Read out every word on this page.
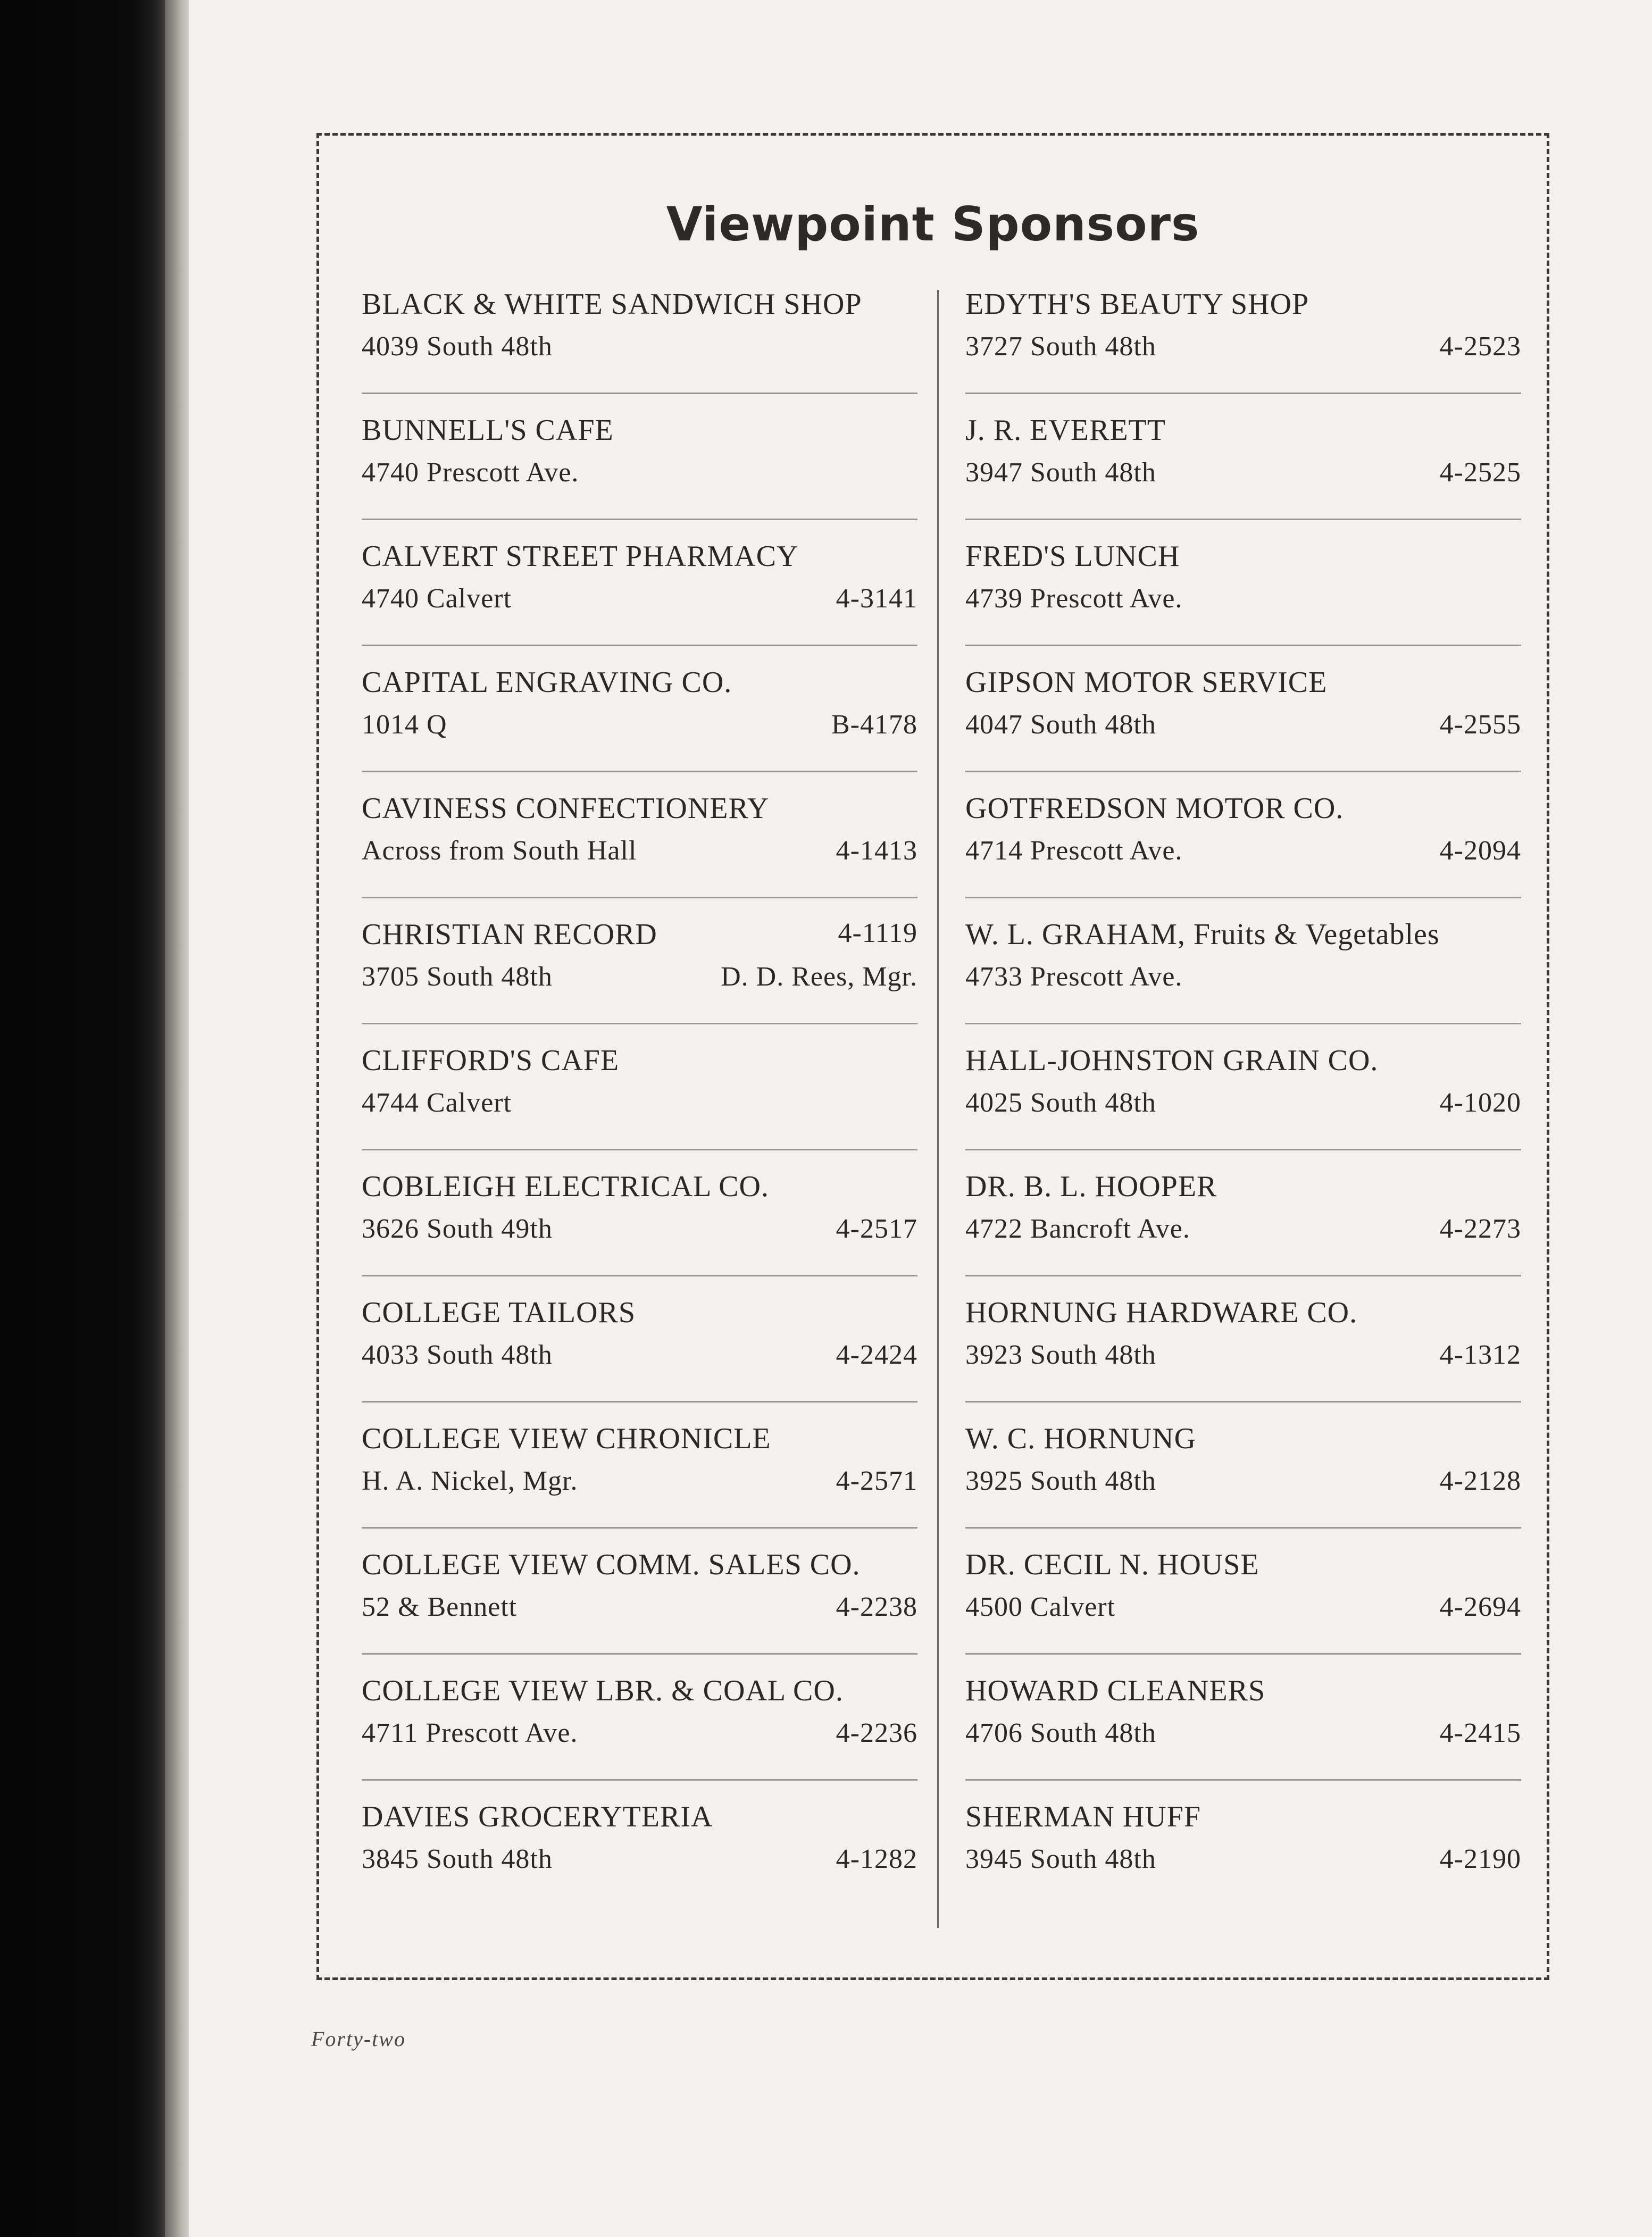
Viewpoint Sponsors
BLACK & WHITE SANDWICH SHOP
4039 South 48th
BUNNELL'S CAFE
4740 Prescott Ave.
CALVERT STREET PHARMACY
4740 Calvert	4-3141
CAPITAL ENGRAVING CO.
1014 Q	B-4178
CAVINESS CONFECTIONERY
Across from South Hall	4-1413
CHRISTIAN RECORD	4-1119
3705 South 48th	D. D. Rees, Mgr.
CLIFFORD'S CAFE
4744 Calvert
COBLEIGH ELECTRICAL CO.
3626 South 49th	4-2517
COLLEGE TAILORS
4033 South 48th	4-2424
COLLEGE VIEW CHRONICLE
H. A. Nickel, Mgr.	4-2571
COLLEGE VIEW COMM. SALES CO.
52 & Bennett	4-2238
COLLEGE VIEW LBR. & COAL CO.
4711 Prescott Ave.	4-2236
DAVIES GROCERYTERIA
3845 South 48th	4-1282
EDYTH'S BEAUTY SHOP
3727 South 48th	4-2523
J. R. EVERETT
3947 South 48th	4-2525
FRED'S LUNCH
4739 Prescott Ave.
GIPSON MOTOR SERVICE
4047 South 48th	4-2555
GOTFREDSON MOTOR CO.
4714 Prescott Ave.	4-2094
W. L. GRAHAM, Fruits & Vegetables
4733 Prescott Ave.
HALL-JOHNSTON GRAIN CO.
4025 South 48th	4-1020
DR. B. L. HOOPER
4722 Bancroft Ave.	4-2273
HORNUNG HARDWARE CO.
3923 South 48th	4-1312
W. C. HORNUNG
3925 South 48th	4-2128
DR. CECIL N. HOUSE
4500 Calvert	4-2694
HOWARD CLEANERS
4706 South 48th	4-2415
SHERMAN HUFF
3945 South 48th	4-2190
Forty-two
